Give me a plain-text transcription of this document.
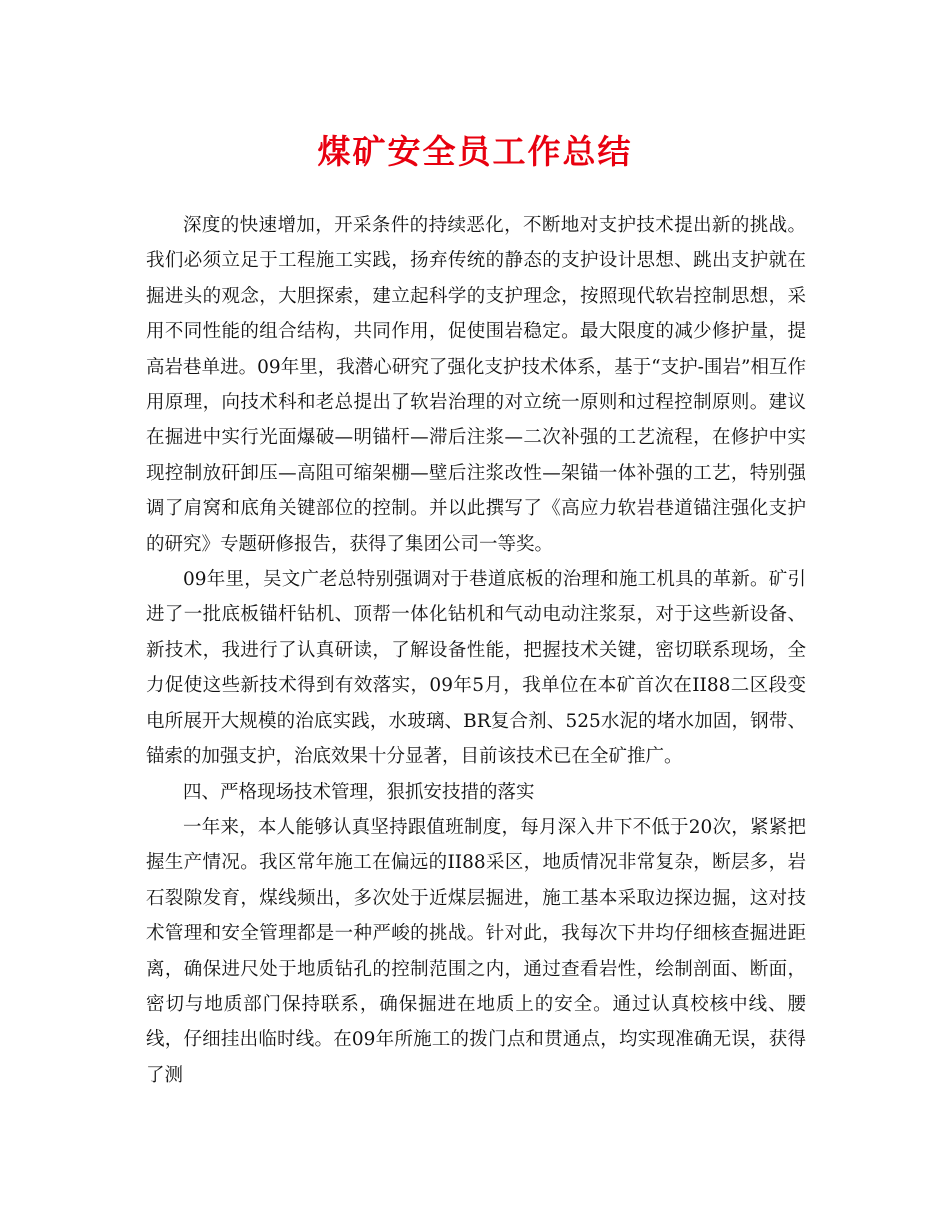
煤矿安全员工作总结

深度的快速增加，开采条件的持续恶化，不断地对支护技术提出新的挑战。我们必须立足于工程施工实践，扬弃传统的静态的支护设计思想、跳出支护就在掘进头的观念，大胆探索，建立起科学的支护理念，按照现代软岩控制思想，采用不同性能的组合结构，共同作用，促使围岩稳定。最大限度的减少修护量，提高岩巷单进。09年里，我潜心研究了强化支护技术体系，基于“支护-围岩”相互作用原理，向技术科和老总提出了软岩治理的对立统一原则和过程控制原则。建议在掘进中实行光面爆破—明锚杆—滞后注浆—二次补强的工艺流程，在修护中实现控制放矸卸压—高阻可缩架棚—壁后注浆改性—架锚一体补强的工艺，特别强调了肩窝和底角关键部位的控制。并以此撰写了《高应力软岩巷道锚注强化支护的研究》专题研修报告，获得了集团公司一等奖。

09年里，吴文广老总特别强调对于巷道底板的治理和施工机具的革新。矿引进了一批底板锚杆钻机、顶帮一体化钻机和气动电动注浆泵，对于这些新设备、新技术，我进行了认真研读，了解设备性能，把握技术关键，密切联系现场，全力促使这些新技术得到有效落实，09年5月，我单位在本矿首次在II88二区段变电所展开大规模的治底实践，水玻璃、BR复合剂、525水泥的堵水加固，钢带、锚索的加强支护，治底效果十分显著，目前该技术已在全矿推广。

四、严格现场技术管理，狠抓安技措的落实

一年来，本人能够认真坚持跟值班制度，每月深入井下不低于20次，紧紧把握生产情况。我区常年施工在偏远的II88采区，地质情况非常复杂，断层多，岩石裂隙发育，煤线频出，多次处于近煤层掘进，施工基本采取边探边掘，这对技术管理和安全管理都是一种严峻的挑战。针对此，我每次下井均仔细核查掘进距离，确保进尺处于地质钻孔的控制范围之内，通过查看岩性，绘制剖面、断面，密切与地质部门保持联系，确保掘进在地质上的安全。通过认真校核中线、腰线，仔细挂出临时线。在09年所施工的拨门点和贯通点，均实现准确无误，获得了测
